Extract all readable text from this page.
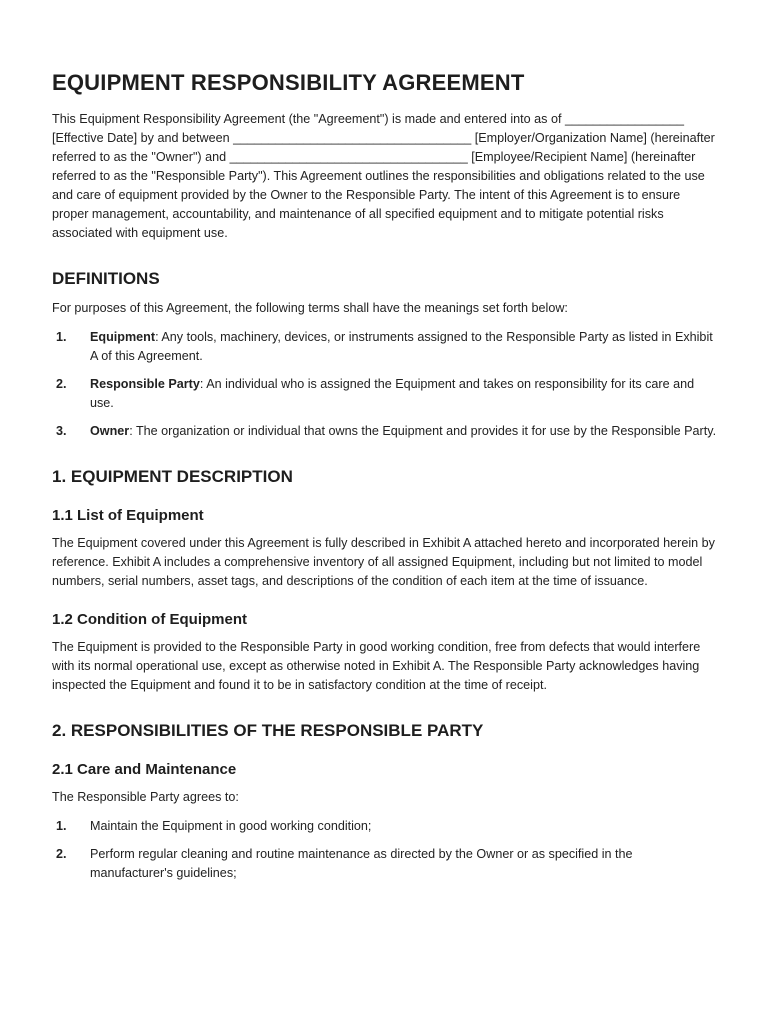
EQUIPMENT RESPONSIBILITY AGREEMENT

This Equipment Responsibility Agreement (the "Agreement") is made and entered into as of _________________ [Effective Date] by and between __________________________________ [Employer/Organization Name] (hereinafter referred to as the "Owner") and __________________________________ [Employee/Recipient Name] (hereinafter referred to as the "Responsible Party"). This Agreement outlines the responsibilities and obligations related to the use and care of equipment provided by the Owner to the Responsible Party. The intent of this Agreement is to ensure proper management, accountability, and maintenance of all specified equipment and to mitigate potential risks associated with equipment use.

DEFINITIONS

For purposes of this Agreement, the following terms shall have the meanings set forth below:

1. Equipment: Any tools, machinery, devices, or instruments assigned to the Responsible Party as listed in Exhibit A of this Agreement.
2. Responsible Party: An individual who is assigned the Equipment and takes on responsibility for its care and use.
3. Owner: The organization or individual that owns the Equipment and provides it for use by the Responsible Party.
1. EQUIPMENT DESCRIPTION
1.1 List of Equipment

The Equipment covered under this Agreement is fully described in Exhibit A attached hereto and incorporated herein by reference. Exhibit A includes a comprehensive inventory of all assigned Equipment, including but not limited to model numbers, serial numbers, asset tags, and descriptions of the condition of each item at the time of issuance.

1.2 Condition of Equipment

The Equipment is provided to the Responsible Party in good working condition, free from defects that would interfere with its normal operational use, except as otherwise noted in Exhibit A. The Responsible Party acknowledges having inspected the Equipment and found it to be in satisfactory condition at the time of receipt.

2. RESPONSIBILITIES OF THE RESPONSIBLE PARTY
2.1 Care and Maintenance

The Responsible Party agrees to:

1. Maintain the Equipment in good working condition;
2. Perform regular cleaning and routine maintenance as directed by the Owner or as specified in the manufacturer's guidelines;
